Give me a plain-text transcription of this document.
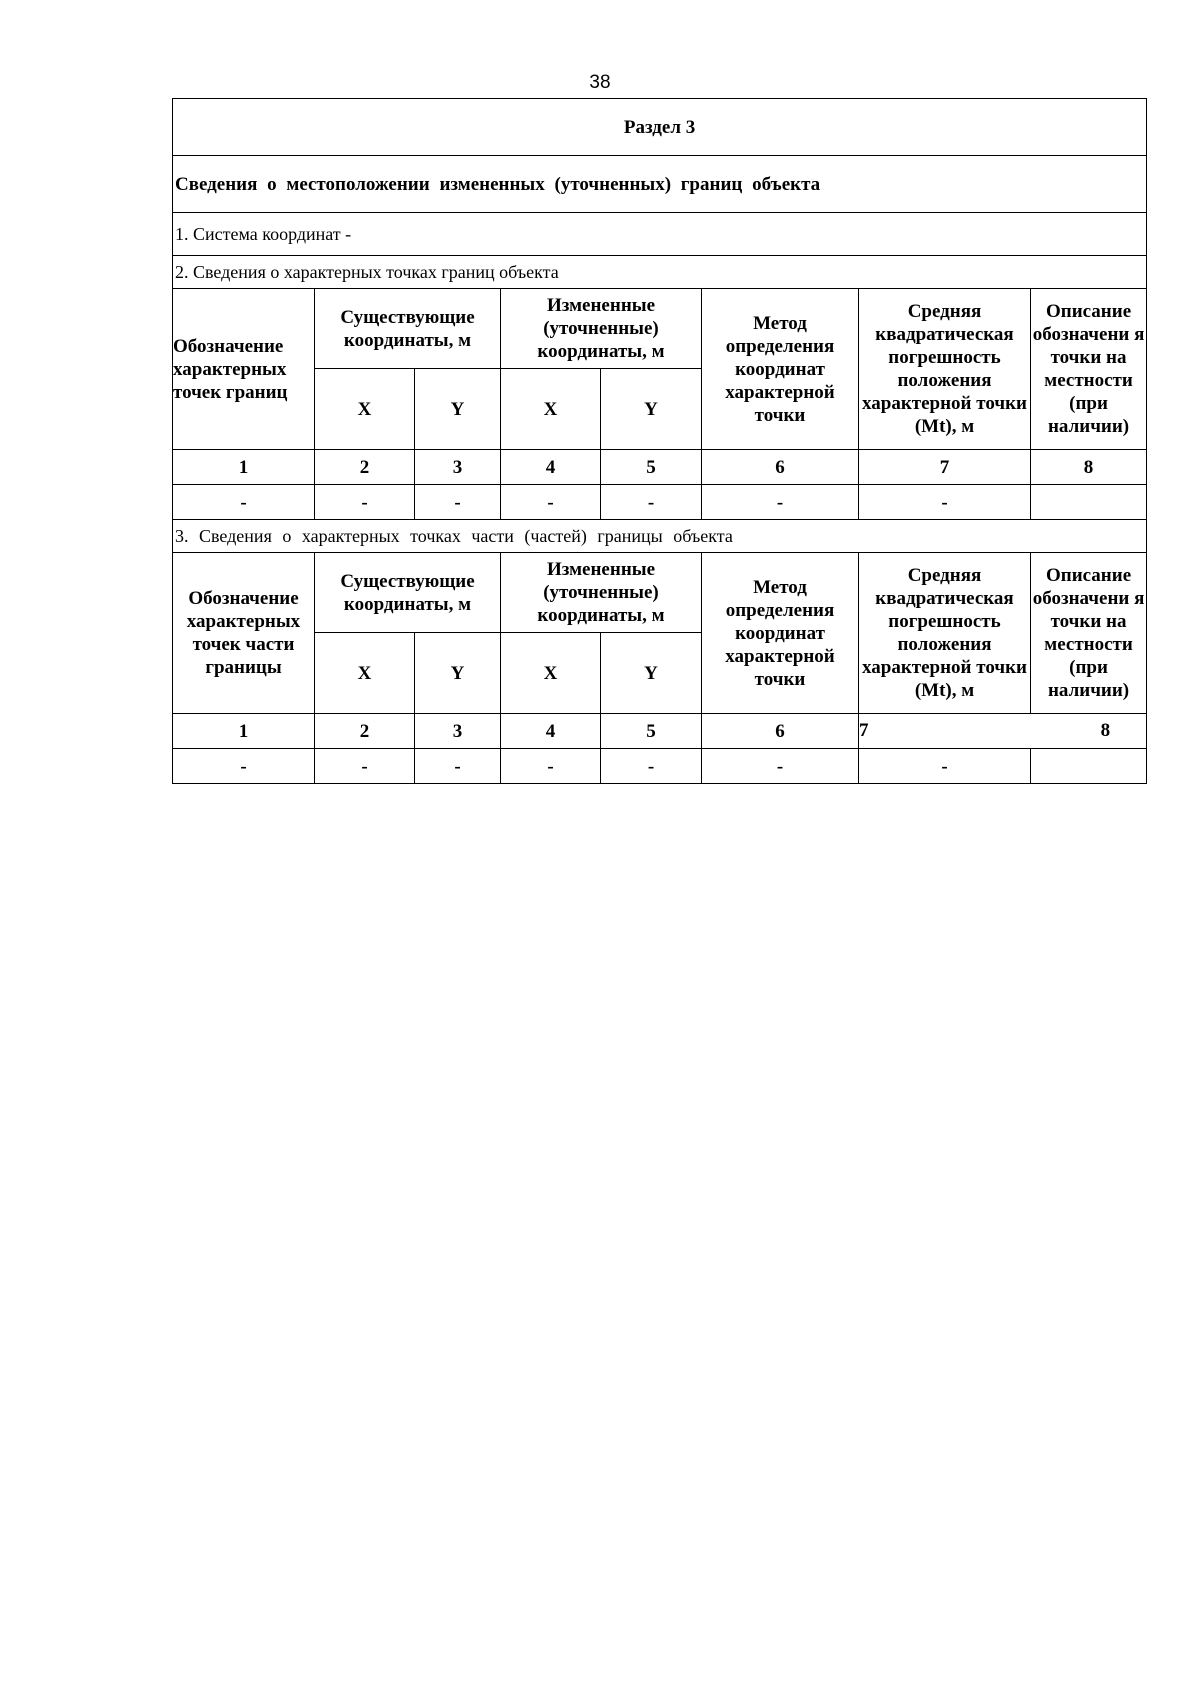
38
Раздел 3							
Сведения о местоположении измененных (уточненных) границ объекта							
1. Система координат -							
2. Сведения о характерных точках границ объекта							
Обозначение характерных точек границ	Существующие координаты, м		Измененные (уточненные) координаты, м		Метод определения координат характерной точки	Средняя квадратическая погрешность положения характерной точки (Mt), м	Описание обозначени я точки на местности (при наличии)
	X	Y	X	Y			
1	2	3	4	5	6	7	8
-	-	-	-	-	-	-	
3. Сведения о характерных точках части (частей) границы объекта							
Обозначение характерных точек части границы	Существующие координаты, м		Измененные (уточненные) координаты, м		Метод определения координат характерной точки	Средняя квадратическая погрешность положения характерной точки (Mt), м	Описание обозначени я точки на местности (при наличии)
	X	Y	X	Y			
1	2	3	4	5	6	7 8	

-	-	-	-	-	-	-	
